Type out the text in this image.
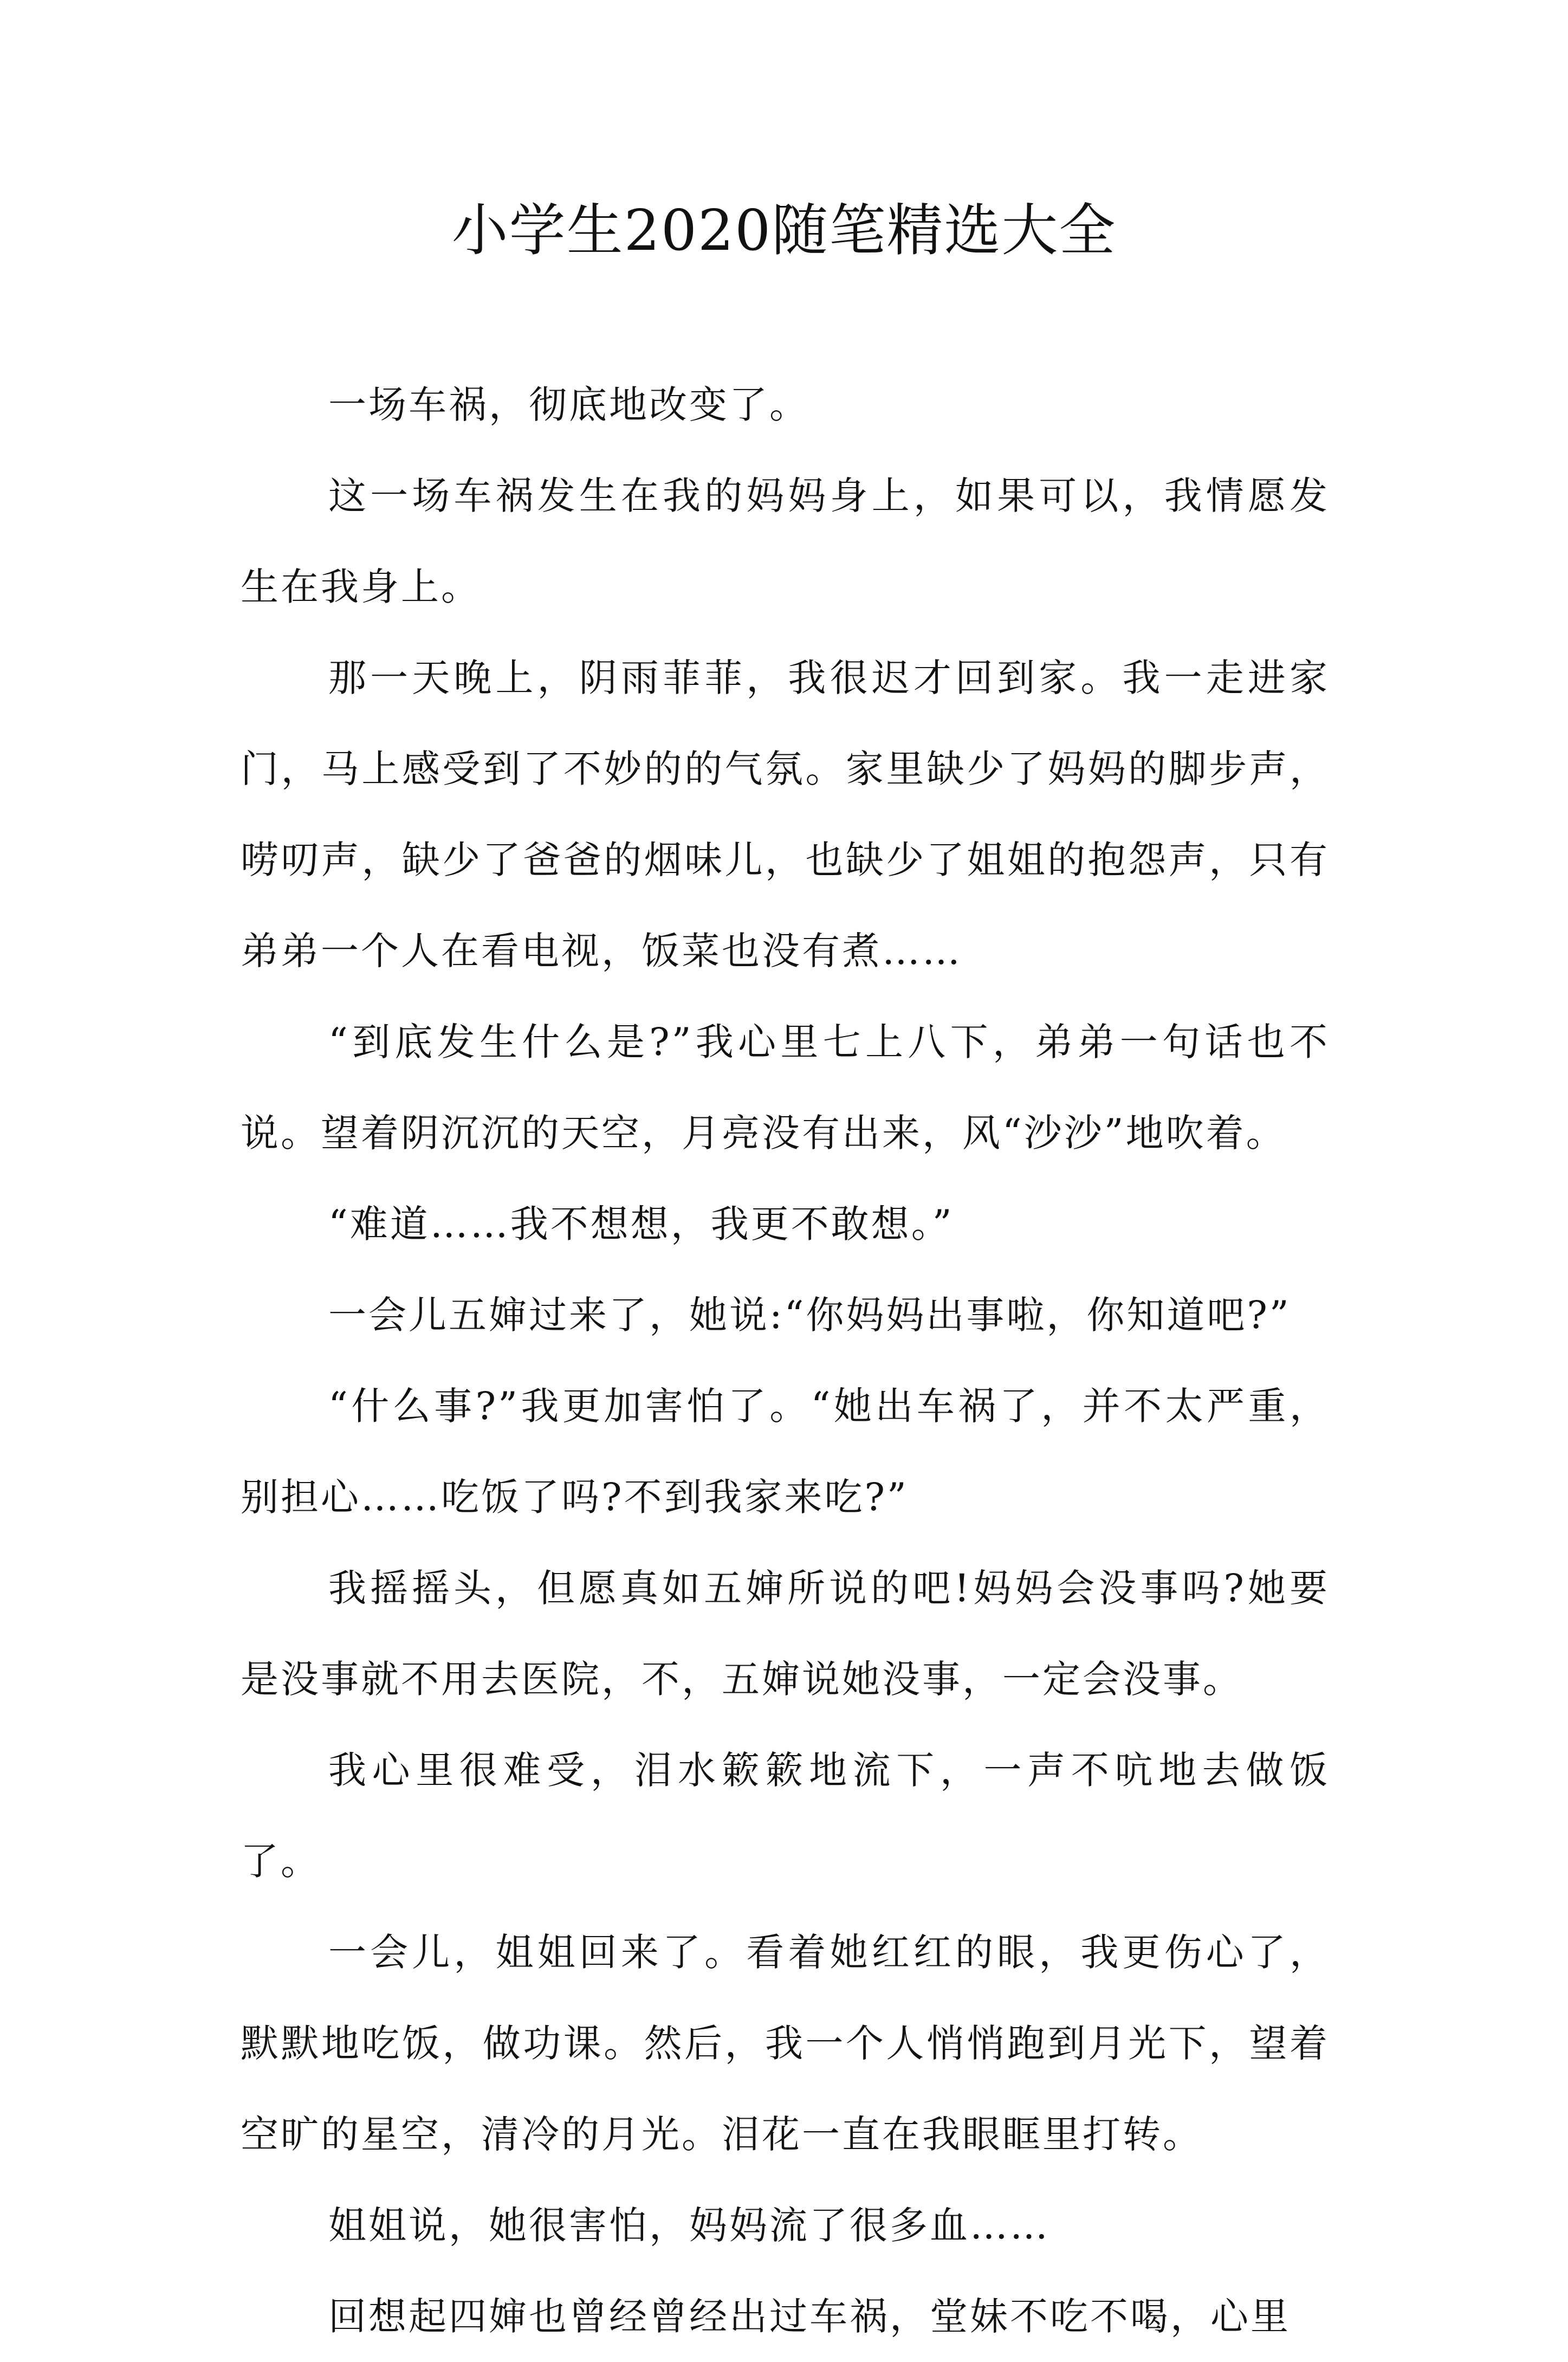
小学生2020随笔精选大全

一场车祸，彻底地改变了。

这一场车祸发生在我的妈妈身上，如果可以，我情愿发生在我身上。

那一天晚上，阴雨菲菲，我很迟才回到家。我一走进家门，马上感受到了不妙的的气氛。家里缺少了妈妈的脚步声，唠叨声，缺少了爸爸的烟味儿，也缺少了姐姐的抱怨声，只有弟弟一个人在看电视，饭菜也没有煮……

“到底发生什么是?”我心里七上八下，弟弟一句话也不说。望着阴沉沉的天空，月亮没有出来，风“沙沙”地吹着。

“难道……我不想想，我更不敢想。”

一会儿五婶过来了，她说:“你妈妈出事啦，你知道吧?”

“什么事?”我更加害怕了。“她出车祸了，并不太严重，别担心……吃饭了吗?不到我家来吃?”

我摇摇头，但愿真如五婶所说的吧!妈妈会没事吗?她要是没事就不用去医院，不，五婶说她没事，一定会没事。

我心里很难受，泪水簌簌地流下，一声不吭地去做饭了。

一会儿，姐姐回来了。看着她红红的眼，我更伤心了，默默地吃饭，做功课。然后，我一个人悄悄跑到月光下，望着空旷的星空，清冷的月光。泪花一直在我眼眶里打转。

姐姐说，她很害怕，妈妈流了很多血……

回想起四婶也曾经曾经出过车祸，堂妹不吃不喝，心里
